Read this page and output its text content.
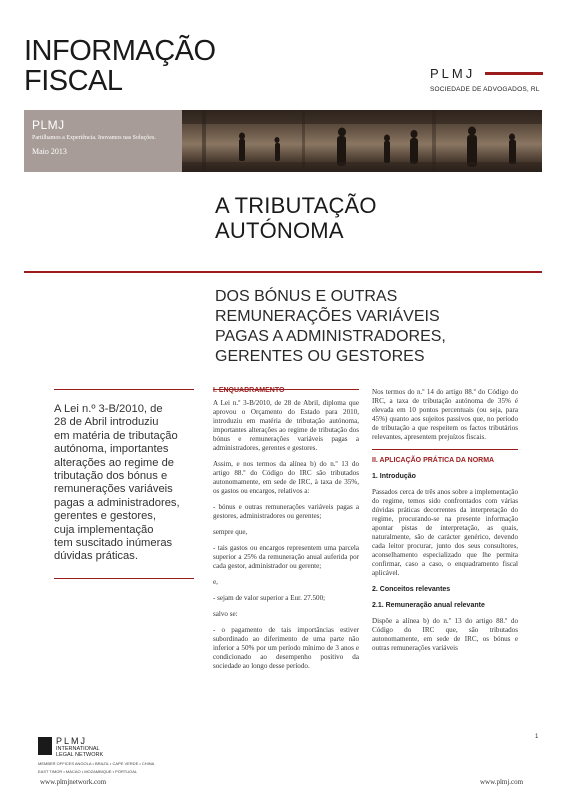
INFORMAÇÃO
FISCAL	PLMJ
SOCIEDADE DE ADVOGADOS, RL
PLMJ
Partilhamos a Experiência. Inovamos nas Soluções.
Maio 2013
A TRIBUTAÇÃO
AUTÓNOMA
DOS BÓNUS E OUTRAS
REMUNERAÇÕES VARIÁVEIS
PAGAS A ADMINISTRADORES,
GERENTES OU GESTORES
A Lei n.º 3-B/2010, de
28 de Abril introduziu
em matéria de tributação
autónoma, importantes
alterações ao regime de
tributação dos bónus e
remunerações variáveis
pagas a administradores,
gerentes e gestores,
cuja implementação
tem suscitado inúmeras
dúvidas práticas.

I. ENQUADRAMENTO

A Lei n.º 3-B/2010, de 28 de Abril, diploma que aprovou o Orçamento do Estado para 2010, introduziu em matéria de tributação autónoma, importantes alterações ao regime de tributação dos bónus e remunerações variáveis pagas a administradores, gerentes e gestores.

Assim, e nos termos da alínea b) do n.º 13 do artigo 88.º do Código do IRC são tributados autonomamente, em sede de IRC, à taxa de 35%, os gastos ou encargos, relativos a:

- bónus e outras remunerações variáveis pagas a gestores, administradores ou gerentes;

sempre que,

- tais gastos ou encargos representem uma parcela superior a 25% da remuneração anual auferida por cada gestor, administrador ou gerente;

e,

- sejam de valor superior a Eur. 27.500;

salvo se:

- o pagamento de tais importâncias estiver subordinado ao diferimento de uma parte não inferior a 50% por um período mínimo de 3 anos e condicionado ao desempenho positivo da sociedade ao longo desse período.

Nos termos do n.º 14 do artigo 88.º do Código do IRC, a taxa de tributação autónoma de 35% é elevada em 10 pontos percentuais (ou seja, para 45%) quanto aos sujeitos passivos que, no período de tributação a que respeitem os factos tributários relevantes, apresentem prejuízos fiscais.

II. APLICAÇÃO PRÁTICA DA NORMA

1. Introdução

Passados cerca de três anos sobre a implementação do regime, temos sido confrontados com várias dúvidas práticas decorrentes da interpretação do regime, procurando-se na presente informação apontar pistas de interpretação, as quais, naturalmente, são de carácter genérico, devendo cada leitor procurar, junto dos seus consultores, aconselhamento especializado que lhe permita confirmar, caso a caso, o enquadramento fiscal aplicável.

2. Conceitos relevantes

2.1. Remuneração anual relevante

Dispõe a alínea b) do n.º 13 do artigo 88.º do Código do IRC que, são tributados autonomamente, em sede de IRC, os bónus e outras remunerações variáveis

1
PLMJ
INTERNATIONAL
LEGAL NETWORK
MEMBER OFFICES ANGOLA • BRAZIL • CAPE VERDE • CHINA
EAST TIMOR • MACAO • MOZAMBIQUE • PORTUGAL
www.plmjnetwork.com	www.plmj.com
